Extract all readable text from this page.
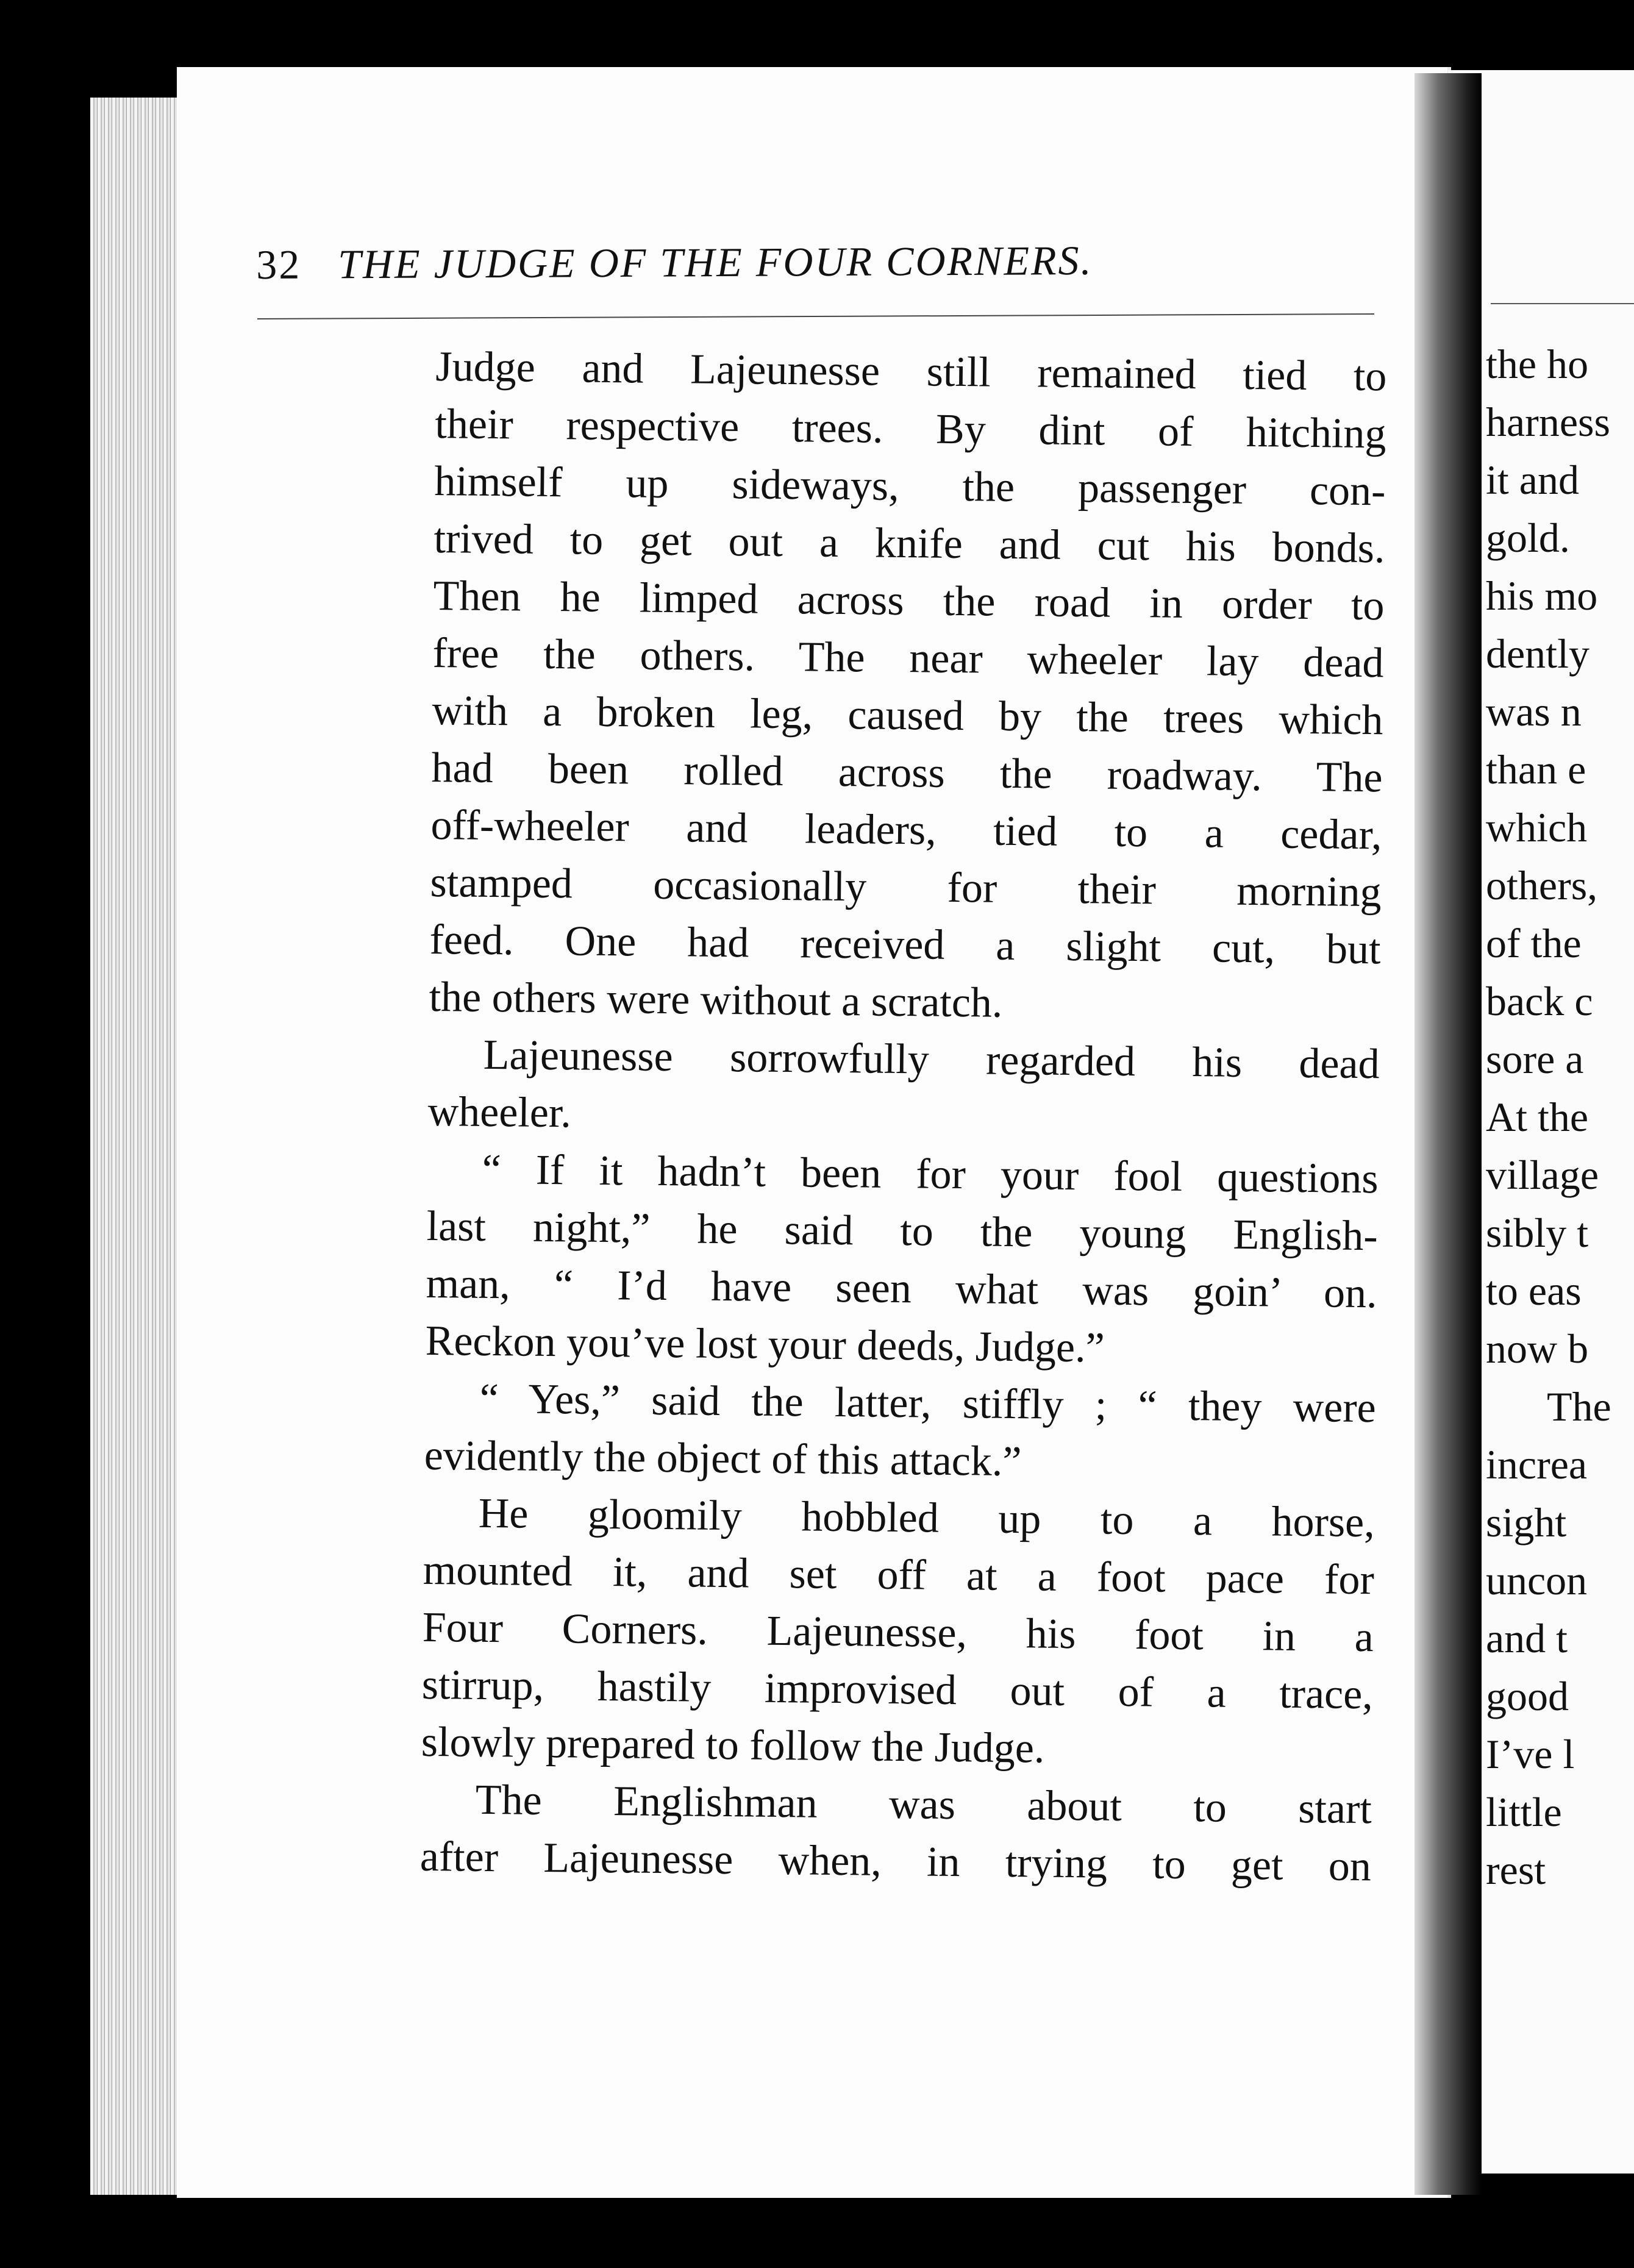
the ho
harness
it and
gold.
his mo
dently
was n
than e
which
others,
of the
back c
sore a
At the
village
sibly t
to eas
now b
The
increa
sight
uncon
and t
good
I’ve l
little
rest
32 THE JUDGE OF THE FOUR CORNERS.
Judge and Lajeunesse still remained tied to
their respective trees. By dint of hitching
himself up sideways, the passenger con-
trived to get out a knife and cut his bonds.
Then he limped across the road in order to
free the others. The near wheeler lay dead
with a broken leg, caused by the trees which
had been rolled across the roadway. The
off-wheeler and leaders, tied to a cedar,
stamped occasionally for their morning
feed. One had received a slight cut, but
the others were without a scratch.
Lajeunesse sorrowfully regarded his dead
wheeler.
“ If it hadn’t been for your fool questions
last night,” he said to the young English-
man, “ I’d have seen what was goin’ on.
Reckon you’ve lost your deeds, Judge.”
“ Yes,” said the latter, stiffly ; “ they were
evidently the object of this attack.”
He gloomily hobbled up to a horse,
mounted it, and set off at a foot pace for
Four Corners. Lajeunesse, his foot in a
stirrup, hastily improvised out of a trace,
slowly prepared to follow the Judge.
The Englishman was about to start
after Lajeunesse when, in trying to get on
